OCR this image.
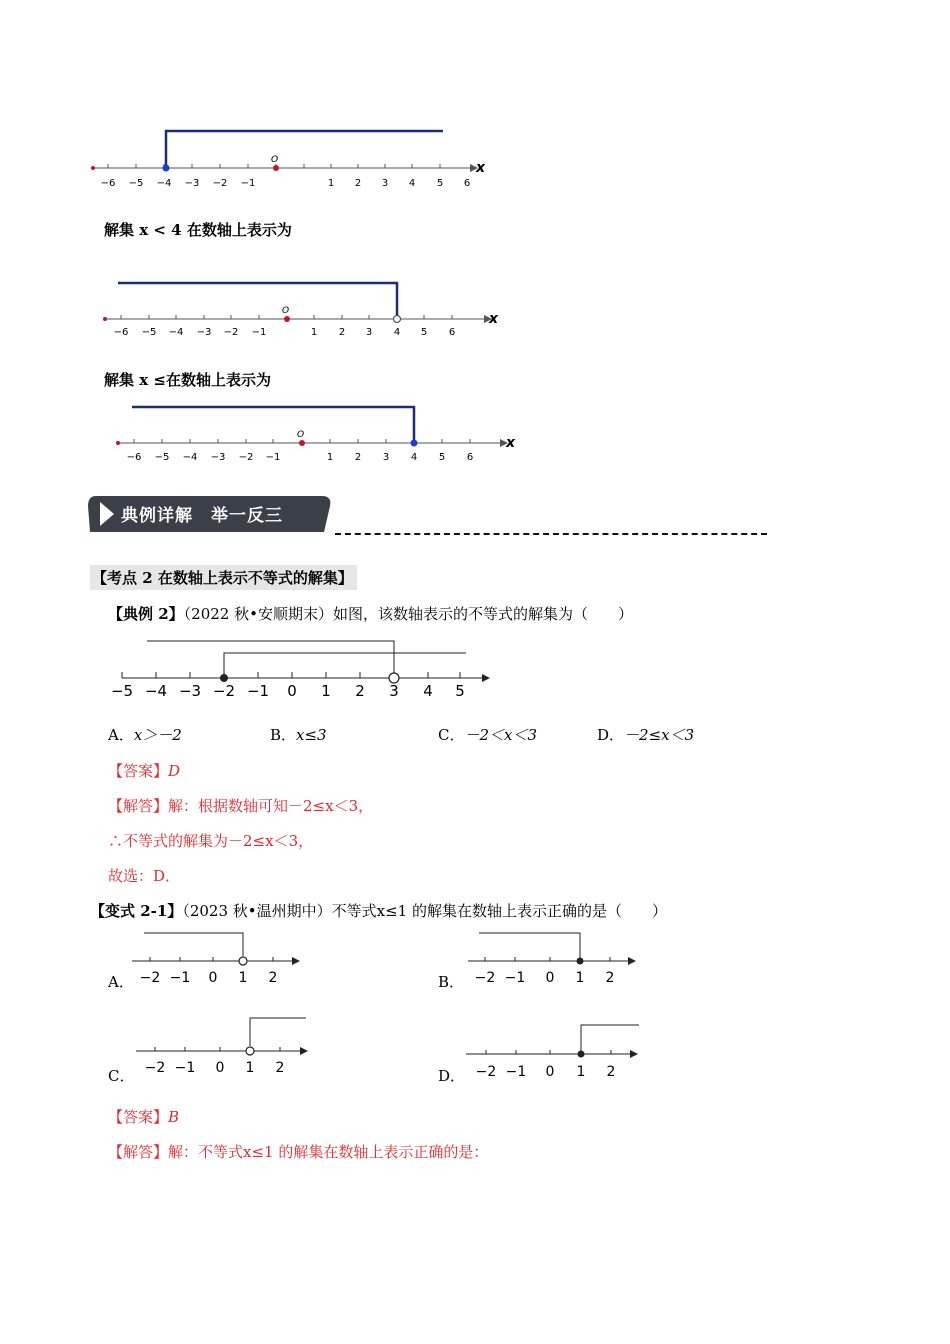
O	x
−6 −5 −4 −3 −2 −1	1 2 3 4 5 6
解集 x < 4 在数轴上表示为
O	x
−6 −5 −4 −3 −2 −1	1 2 3 4 5 6
解集 x ≤在数轴上表示为
O	x
−6 −5 −4 −3 −2 −1	1 2 3 4 5 6
典例详解　举一反三
【考点 2 在数轴上表示不等式的解集】
【典例 2】（2022 秋•安顺期末）如图，该数轴表示的不等式的解集为（　　）
−5 −4 −3 −2 −1 0 1 2 3 4 5
A．x＞－2	B．x≤3	C．－2＜x＜3	D．－2≤x＜3
【答案】D
【解答】解：根据数轴可知－2≤x＜3，
∴不等式的解集为－2≤x＜3，
故选：D．
【变式 2-1】（2023 秋•温州期中）不等式x≤1 的解集在数轴上表示正确的是（　　）
A． −2 −1 0 1 2	B． −2 −1 0 1 2
C． −2 −1 0 1 2	D． −2 −1 0 1 2
【答案】B
【解答】解：不等式x≤1 的解集在数轴上表示正确的是：
